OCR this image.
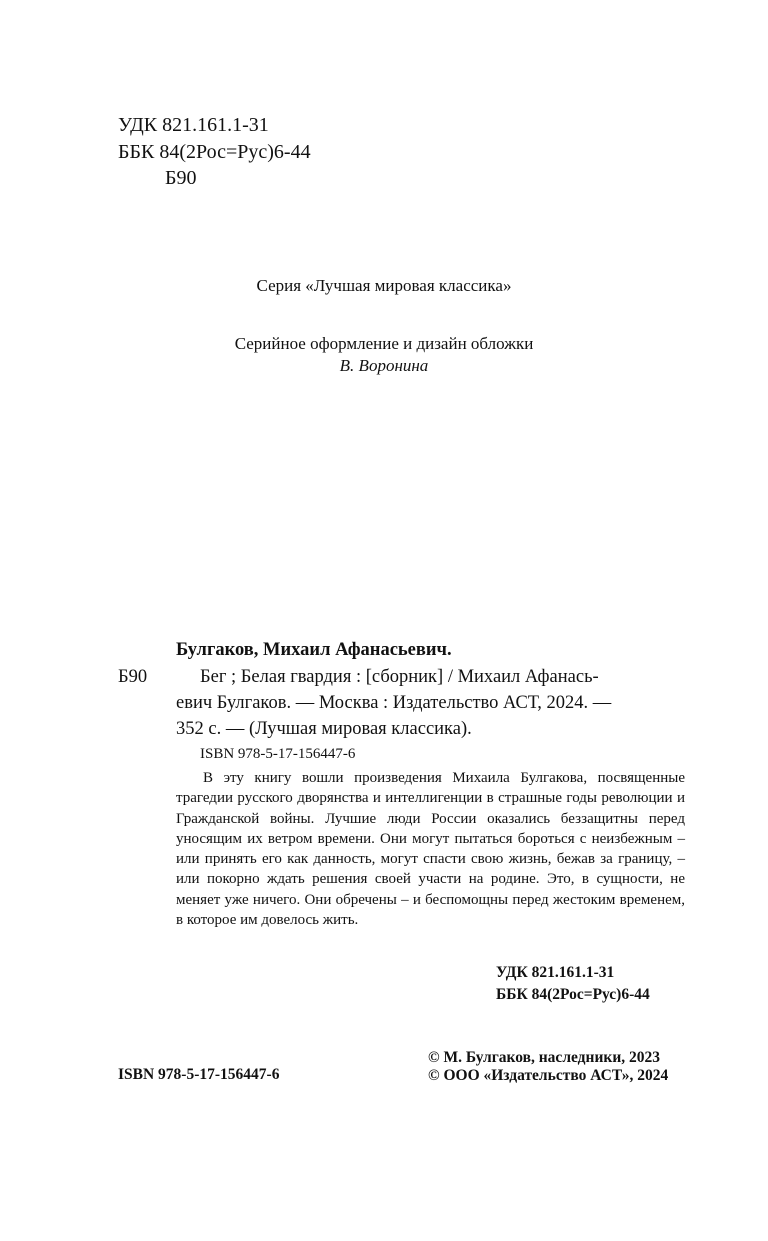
УДК 821.161.1-31
ББК 84(2Рос=Рус)6-44
Б90
Серия «Лучшая мировая классика»
Серийное оформление и дизайн обложки
В. Воронина
Булгаков, Михаил Афанасьевич.
Б90	Бег ; Белая гвардия : [сборник] / Михаил Афанась-
евич Булгаков. — Москва : Издательство АСТ, 2024. —
352 с. — (Лучшая мировая классика).
ISBN 978-5-17-156447-6
В эту книгу вошли произведения Михаила Булгакова, посвященные трагедии русского дворянства и интеллигенции в страшные годы революции и Гражданской войны. Лучшие люди России оказались беззащитны перед уносящим их ветром времени. Они могут пытаться бороться с неизбежным – или принять его как данность, могут спасти свою жизнь, бежав за границу, – или покорно ждать решения своей участи на родине. Это, в сущности, не меняет уже ничего. Они обречены – и беспомощны перед жестоким временем, в которое им довелось жить.
УДК 821.161.1-31
ББК 84(2Рос=Рус)6-44
ISBN 978-5-17-156447-6
© М. Булгаков, наследники, 2023
© ООО «Издательство АСТ», 2024
